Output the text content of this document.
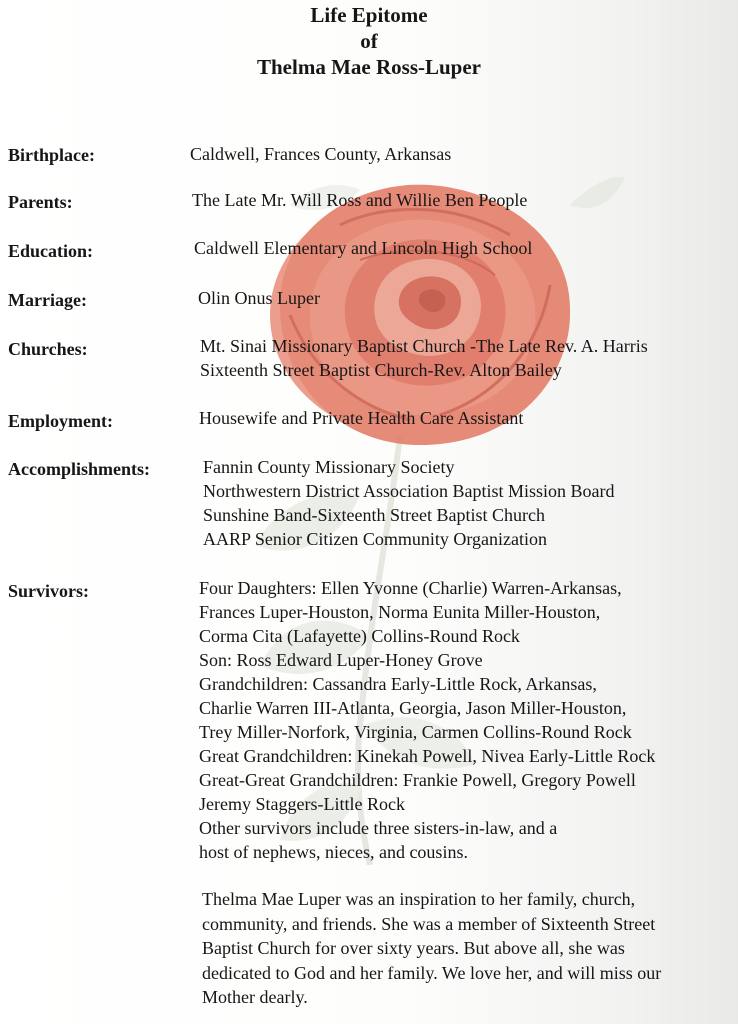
Life Epitome
of
Thelma Mae Ross-Luper
Birthplace:	Caldwell, Frances County, Arkansas
Parents:	The Late Mr. Will Ross and Willie Ben People
Education:	Caldwell Elementary and Lincoln High School
Marriage:	Olin Onus Luper
Churches:	Mt. Sinai Missionary Baptist Church -The Late Rev. A. Harris
Sixteenth Street Baptist Church-Rev. Alton Bailey
Employment:	Housewife and Private Health Care Assistant
Accomplishments:	Fannin County Missionary Society
Northwestern District Association Baptist Mission Board
Sunshine Band-Sixteenth Street Baptist Church
AARP Senior Citizen Community Organization
Survivors:	Four Daughters: Ellen Yvonne (Charlie) Warren-Arkansas,
Frances Luper-Houston, Norma Eunita Miller-Houston,
Corma Cita (Lafayette) Collins-Round Rock
Son: Ross Edward Luper-Honey Grove
Grandchildren: Cassandra Early-Little Rock, Arkansas,
Charlie Warren III-Atlanta, Georgia, Jason Miller-Houston,
Trey Miller-Norfork, Virginia, Carmen Collins-Round Rock
Great Grandchildren: Kinekah Powell, Nivea Early-Little Rock
Great-Great Grandchildren: Frankie Powell, Gregory Powell
Jeremy Staggers-Little Rock
Other survivors include three sisters-in-law, and a
host of nephews, nieces, and cousins.
Thelma Mae Luper was an inspiration to her family, church,
community, and friends. She was a member of Sixteenth Street
Baptist Church for over sixty years. But above all, she was
dedicated to God and her family. We love her, and will miss our
Mother dearly.
